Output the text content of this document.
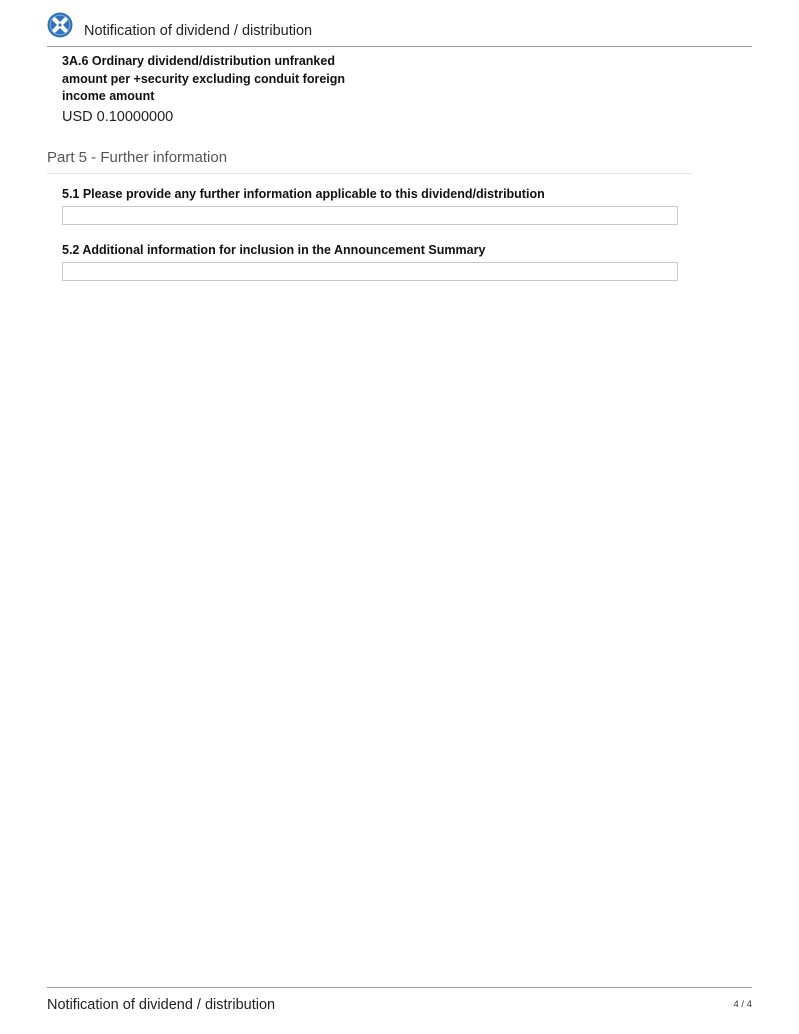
Notification of dividend / distribution
3A.6 Ordinary dividend/distribution unfranked amount per +security excluding conduit foreign income amount
USD 0.10000000
Part 5 - Further information
5.1 Please provide any further information applicable to this dividend/distribution
5.2 Additional information for inclusion in the Announcement Summary
Notification of dividend / distribution	4 / 4
